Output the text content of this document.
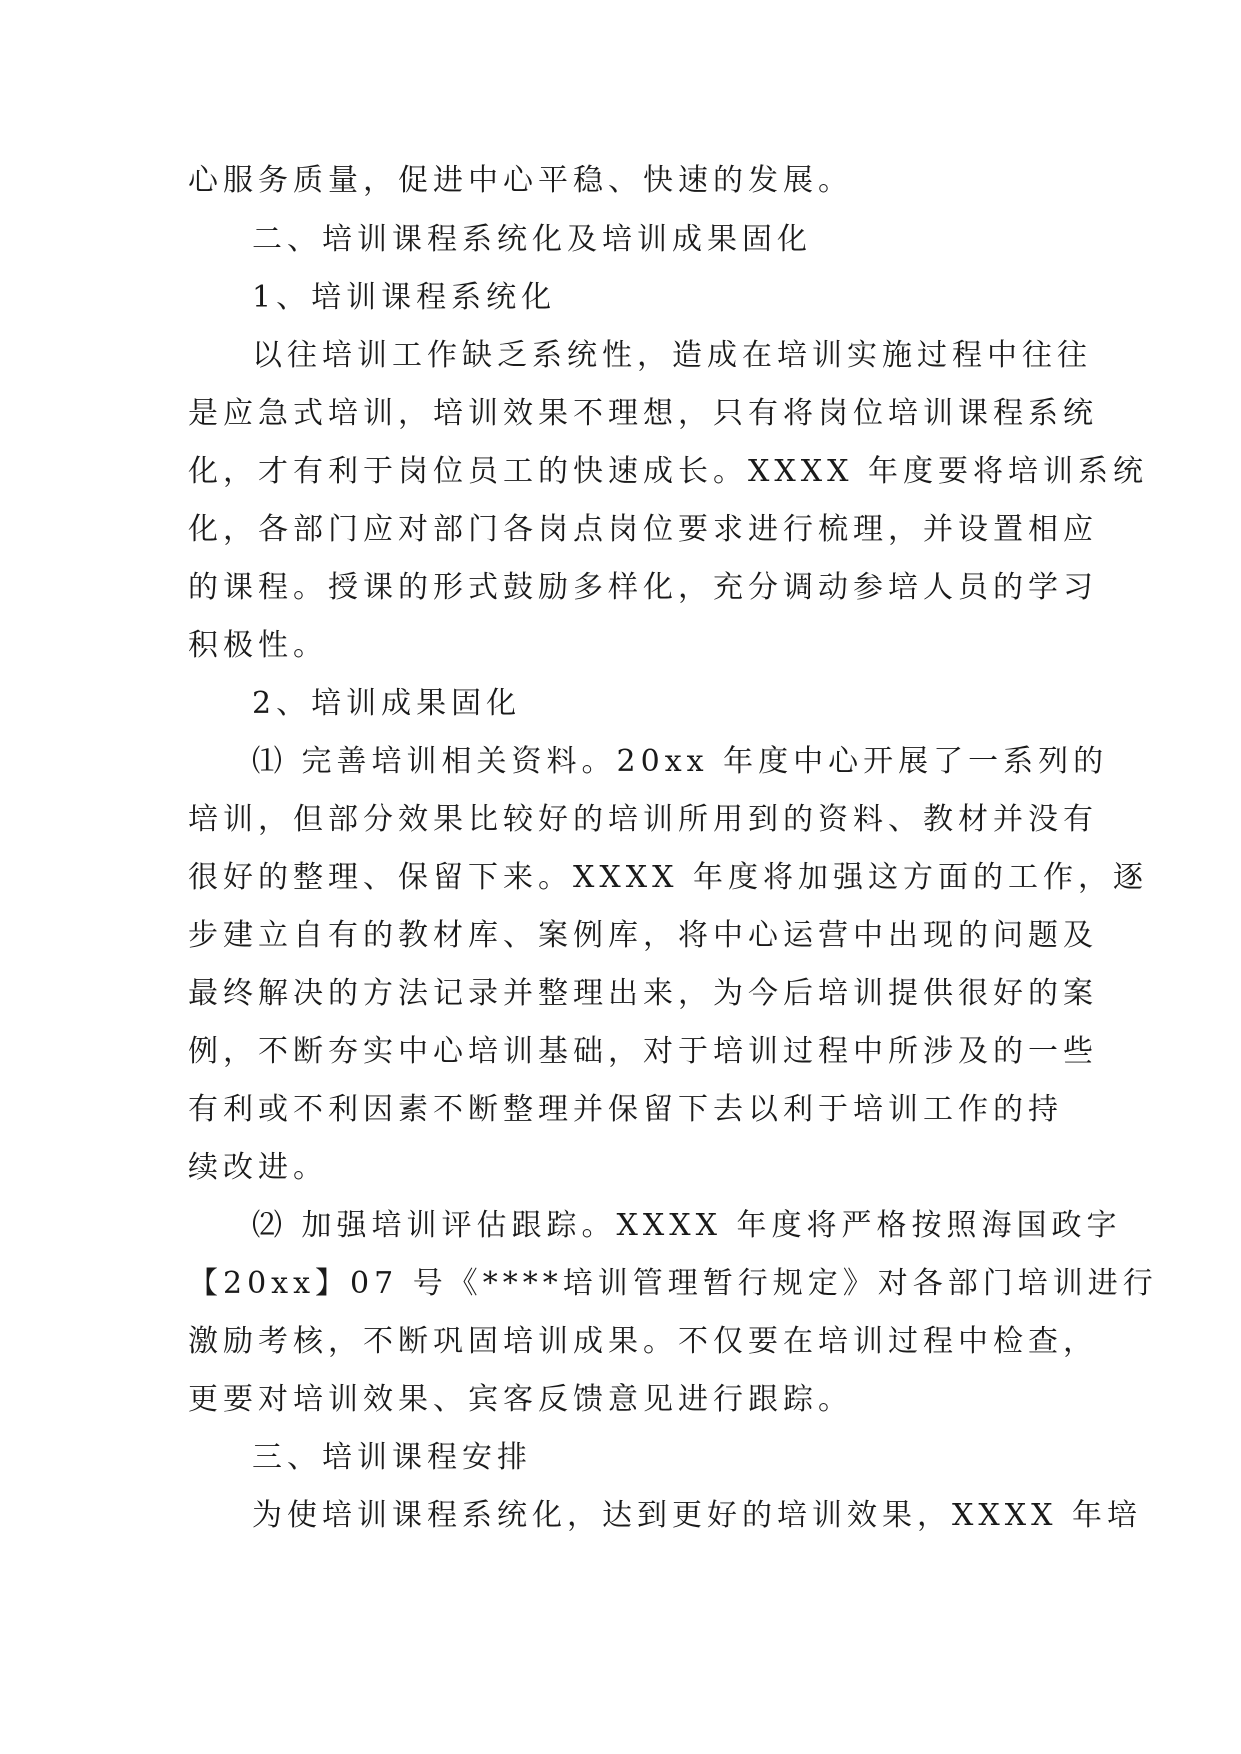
心服务质量，促进中心平稳、快速的发展。
二、培训课程系统化及培训成果固化
1、培训课程系统化
以往培训工作缺乏系统性，造成在培训实施过程中往往
是应急式培训，培训效果不理想，只有将岗位培训课程系统
化，才有利于岗位员工的快速成长。XXXX 年度要将培训系统
化，各部门应对部门各岗点岗位要求进行梳理，并设置相应
的课程。授课的形式鼓励多样化，充分调动参培人员的学习
积极性。
2、培训成果固化
⑴ 完善培训相关资料。20xx 年度中心开展了一系列的
培训，但部分效果比较好的培训所用到的资料、教材并没有
很好的整理、保留下来。XXXX 年度将加强这方面的工作，逐
步建立自有的教材库、案例库，将中心运营中出现的问题及
最终解决的方法记录并整理出来，为今后培训提供很好的案
例，不断夯实中心培训基础，对于培训过程中所涉及的一些
有利或不利因素不断整理并保留下去以利于培训工作的持
续改进。
⑵ 加强培训评估跟踪。XXXX 年度将严格按照海国政字
【20xx】07 号《****培训管理暂行规定》对各部门培训进行
激励考核，不断巩固培训成果。不仅要在培训过程中检查，
更要对培训效果、宾客反馈意见进行跟踪。
三、培训课程安排
为使培训课程系统化，达到更好的培训效果，XXXX 年培
